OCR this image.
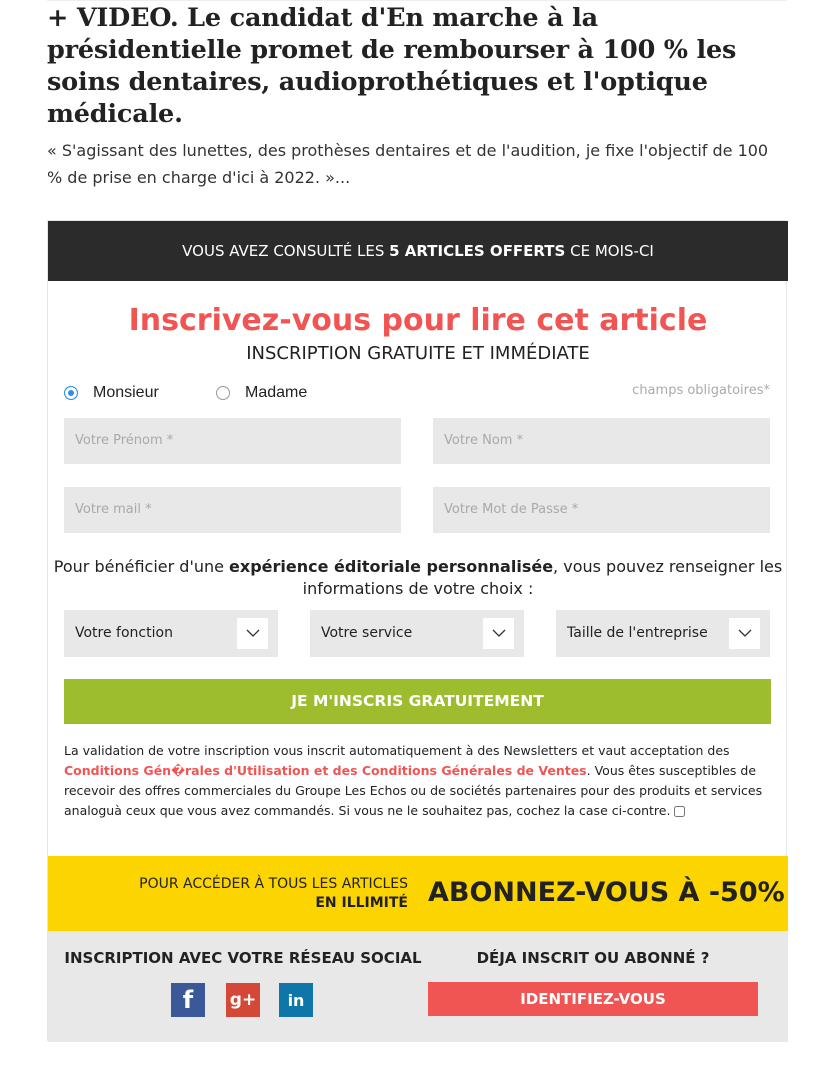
+ VIDEO. Le candidat d'En marche à la présidentielle promet de rembourser à 100 % les soins dentaires, audioprothétiques et l'optique médicale.

« S'agissant des lunettes, des prothèses dentaires et de l'audition, je fixe l'objectif de 100 % de prise en charge d'ici à 2022. »...

VOUS AVEZ CONSULTÉ LES 5 ARTICLES OFFERTS CE MOIS-CI
Inscrivez-vous pour lire cet article
INSCRIPTION GRATUITE ET IMMÉDIATE
Monsieur	Madame	champs obligatoires*
Votre Prénom *	Votre Nom *
Votre mail *	Votre Mot de Passe *
Pour bénéficier d'une expérience éditoriale personnalisée, vous pouvez renseigner les informations de votre choix :
Votre fonction	Votre service	Taille de l'entreprise
JE M'INSCRIS GRATUITEMENT
La validation de votre inscription vous inscrit automatiquement à des Newsletters et vaut acceptation des Conditions Gén�rales d'Utilisation et des Conditions Générales de Ventes. Vous êtes susceptibles de recevoir des offres commerciales du Groupe Les Echos ou de sociétés partenaires pour des produits et services analoguà ceux que vous avez commandés. Si vous ne le souhaitez pas, cochez la case ci-contre.
POUR ACCÉDER À TOUS LES ARTICLES
EN ILLIMITÉ ABONNEZ-VOUS À -50%
INSCRIPTION AVEC VOTRE RÉSEAU SOCIAL
f	g+	in
DÉJA INSCRIT OU ABONNÉ ?
IDENTIFIEZ-VOUS
